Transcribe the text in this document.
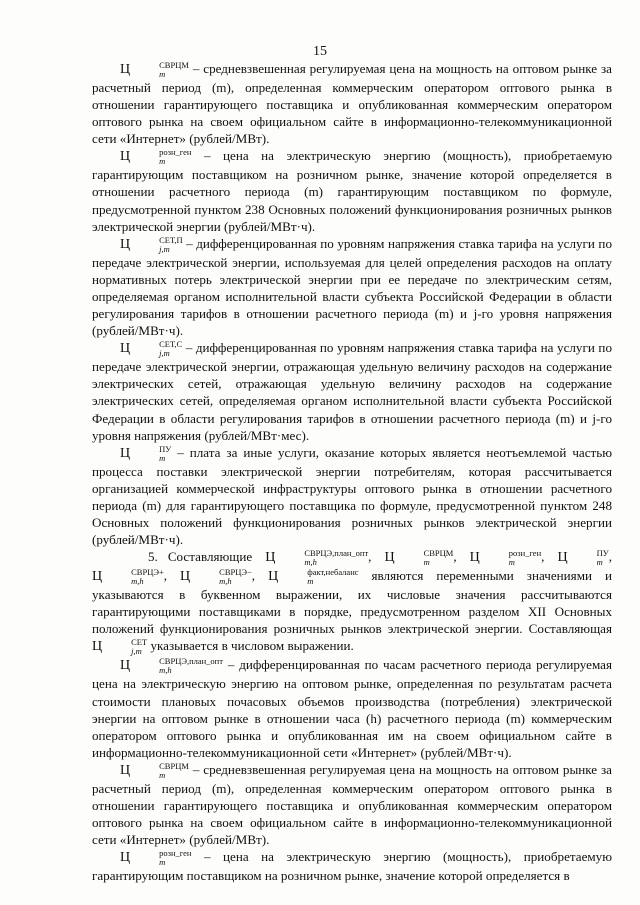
15

Ц	СВРЦМ
m	– средневзвешенная регулируемая цена на мощность на оптовом рынке за расчетный период (m), определенная коммерческим оператором оптового рынка в отношении гарантирующего поставщика и опубликованная коммерческим оператором оптового рынка на своем официальном сайте в информационно-телекоммуникационной сети «Интернет» (рублей/МВт).

Ц	розн_ген
m	– цена на электрическую энергию (мощность), приобретаемую гарантирующим поставщиком на розничном рынке, значение которой определяется в отношении расчетного периода (m) гарантирующим поставщиком по формуле, предусмотренной пунктом 238 Основных положений функционирования розничных рынков электрической энергии (рублей/МВт·ч).

Ц	СЕТ,П
j,m	– дифференцированная по уровням напряжения ставка тарифа на услуги по передаче электрической энергии, используемая для целей определения расходов на оплату нормативных потерь электрической энергии при ее передаче по электрическим сетям, определяемая органом исполнительной власти субъекта Российской Федерации в области регулирования тарифов в отношении расчетного периода (m) и j-го уровня напряжения (рублей/МВт·ч).

Ц	СЕТ,С
j,m	– дифференцированная по уровням напряжения ставка тарифа на услуги по передаче электрической энергии, отражающая удельную величину расходов на содержание электрических сетей, отражающая удельную величину расходов на содержание электрических сетей, определяемая органом исполнительной власти субъекта Российской Федерации в области регулирования тарифов в отношении расчетного периода (m) и j-го уровня напряжения (рублей/МВт·мес).

Ц	ПУ
m – плата за иные услуги, оказание которых является неотъемлемой частью процесса поставки электрической энергии потребителям, которая рассчитывается организацией коммерческой инфраструктуры оптового рынка в отношении расчетного периода (m) для гарантирующего поставщика по формуле, предусмотренной пунктом 248 Основных положений функционирования розничных рынков электрической энергии (рублей/МВт·ч).

5. Составляющие Ц	СВРЦЭ,план_опт
m,h	, Ц	СВРЦМ
m	, Ц	розн_ген
m	, Ц	ПУ
m , Ц	СВРЦЭ+
m,h	, Ц	СВРЦЭ−
m,h	, Ц	факт,небаланс
m	являются переменными значениями и указываются в буквенном выражении, их числовые значения рассчитываются гарантирующими поставщиками в порядке, предусмотренном разделом XII Основных положений функционирования розничных рынков электрической энергии. Составляющая Ц	СЕТ
j,m указывается в числовом выражении.

Ц	СВРЦЭ,план_опт
m,h	– дифференцированная по часам расчетного периода регулируемая цена на электрическую энергию на оптовом рынке, определенная по результатам расчета стоимости плановых почасовых объемов производства (потребления) электрической энергии на оптовом рынке в отношении часа (h) расчетного периода (m) коммерческим оператором оптового рынка и опубликованная им на своем официальном сайте в информационно-телекоммуникационной сети «Интернет» (рублей/МВт·ч).

Ц	СВРЦМ
m	– средневзвешенная регулируемая цена на мощность на оптовом рынке за расчетный период (m), определенная коммерческим оператором оптового рынка в отношении гарантирующего поставщика и опубликованная коммерческим оператором оптового рынка на своем официальном сайте в информационно-телекоммуникационной сети «Интернет» (рублей/МВт).

Ц	розн_ген
m	– цена на электрическую энергию (мощность), приобретаемую гарантирующим поставщиком на розничном рынке, значение которой определяется в
